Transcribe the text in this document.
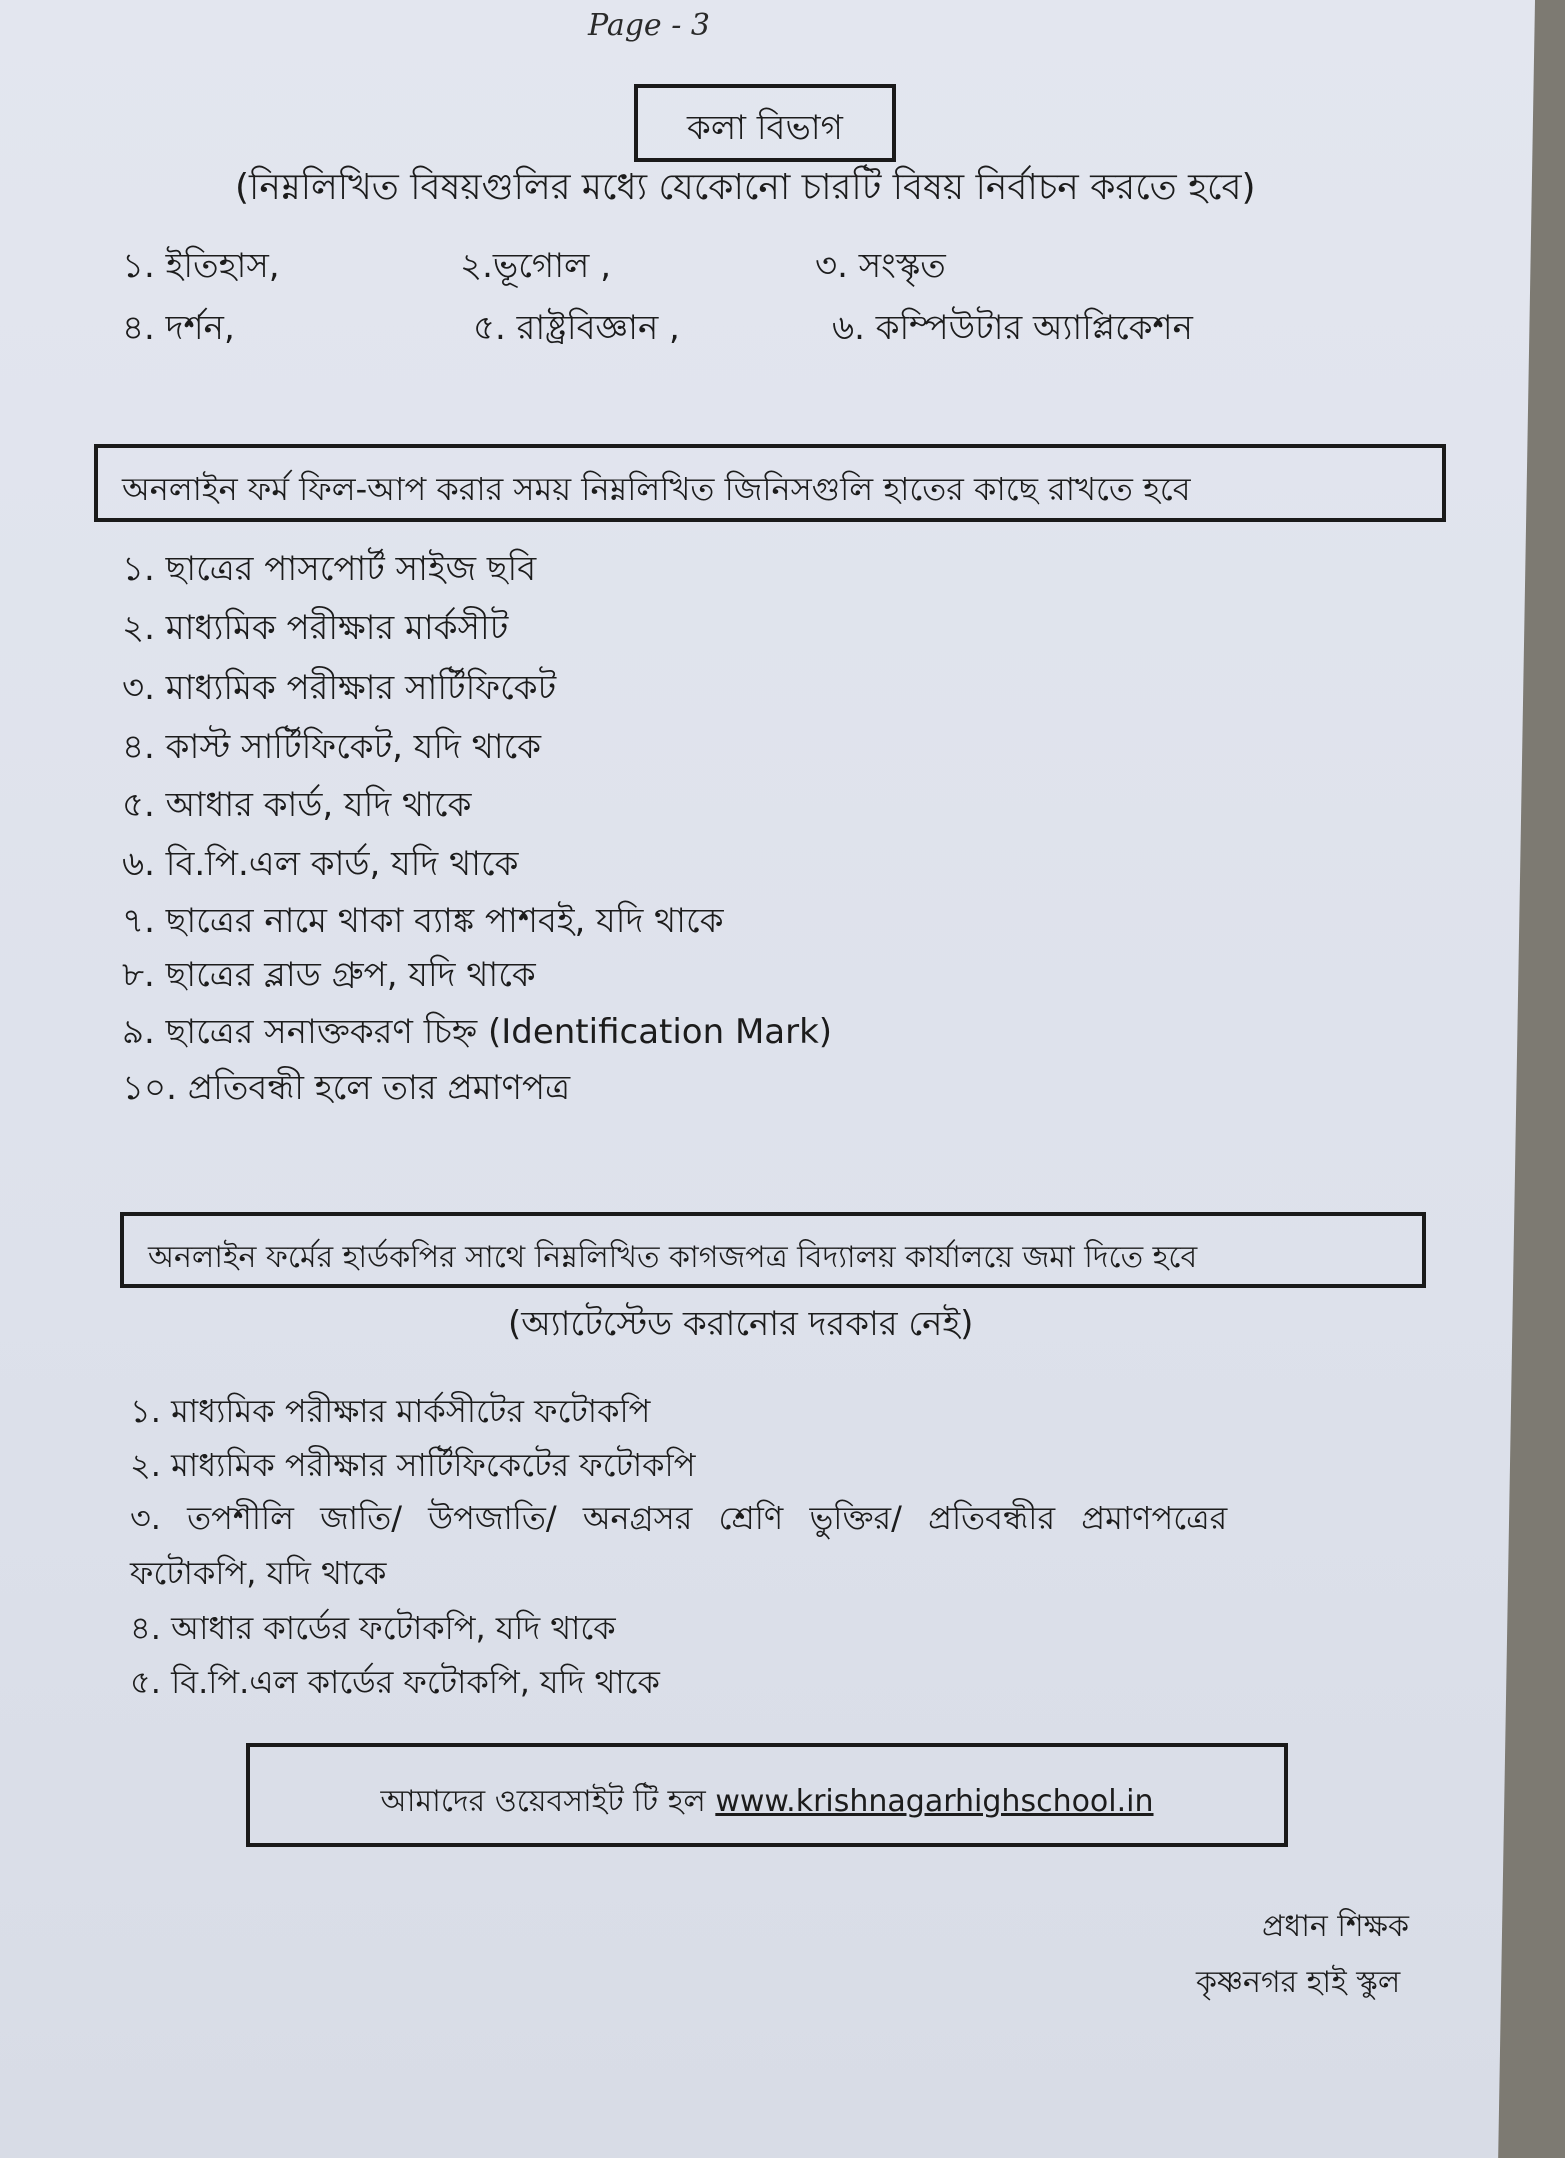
Page - 3
কলা বিভাগ
(নিম্নলিখিত বিষয়গুলির মধ্যে যেকোনো চারটি বিষয় নির্বাচন করতে হবে)
১. ইতিহাস,	২.ভূগোল ,	৩. সংস্কৃত
৪. দর্শন,	৫. রাষ্ট্রবিজ্ঞান ,	৬. কম্পিউটার অ্যাপ্লিকেশন
অনলাইন ফর্ম ফিল-আপ করার সময় নিম্নলিখিত জিনিসগুলি হাতের কাছে রাখতে হবে
১. ছাত্রের পাসপোর্ট সাইজ ছবি
২. মাধ্যমিক পরীক্ষার মার্কসীট
৩. মাধ্যমিক পরীক্ষার সার্টিফিকেট
৪. কাস্ট সার্টিফিকেট, যদি থাকে
৫. আধার কার্ড, যদি থাকে
৬. বি.পি.এল কার্ড, যদি থাকে
৭. ছাত্রের নামে থাকা ব্যাঙ্ক পাশবই, যদি থাকে
৮. ছাত্রের ব্লাড গ্রুপ, যদি থাকে
৯. ছাত্রের সনাক্তকরণ চিহ্ন (Identification Mark)
১০. প্রতিবন্ধী হলে তার প্রমাণপত্র
অনলাইন ফর্মের হার্ডকপির সাথে নিম্নলিখিত কাগজপত্র বিদ্যালয় কার্যালয়ে জমা দিতে হবে
(অ্যাটেস্টেড করানোর দরকার নেই)
১. মাধ্যমিক পরীক্ষার মার্কসীটের ফটোকপি
২. মাধ্যমিক পরীক্ষার সার্টিফিকেটের ফটোকপি
৩. তপশীলি জাতি/ উপজাতি/ অনগ্রসর শ্রেণি ভুক্তির/ প্রতিবন্ধীর প্রমাণপত্রের
ফটোকপি, যদি থাকে
৪. আধার কার্ডের ফটোকপি, যদি থাকে
৫. বি.পি.এল কার্ডের ফটোকপি, যদি থাকে
আমাদের ওয়েবসাইট টি হল www.krishnagarhighschool.in
প্রধান শিক্ষক
কৃষ্ণনগর হাই স্কুল
